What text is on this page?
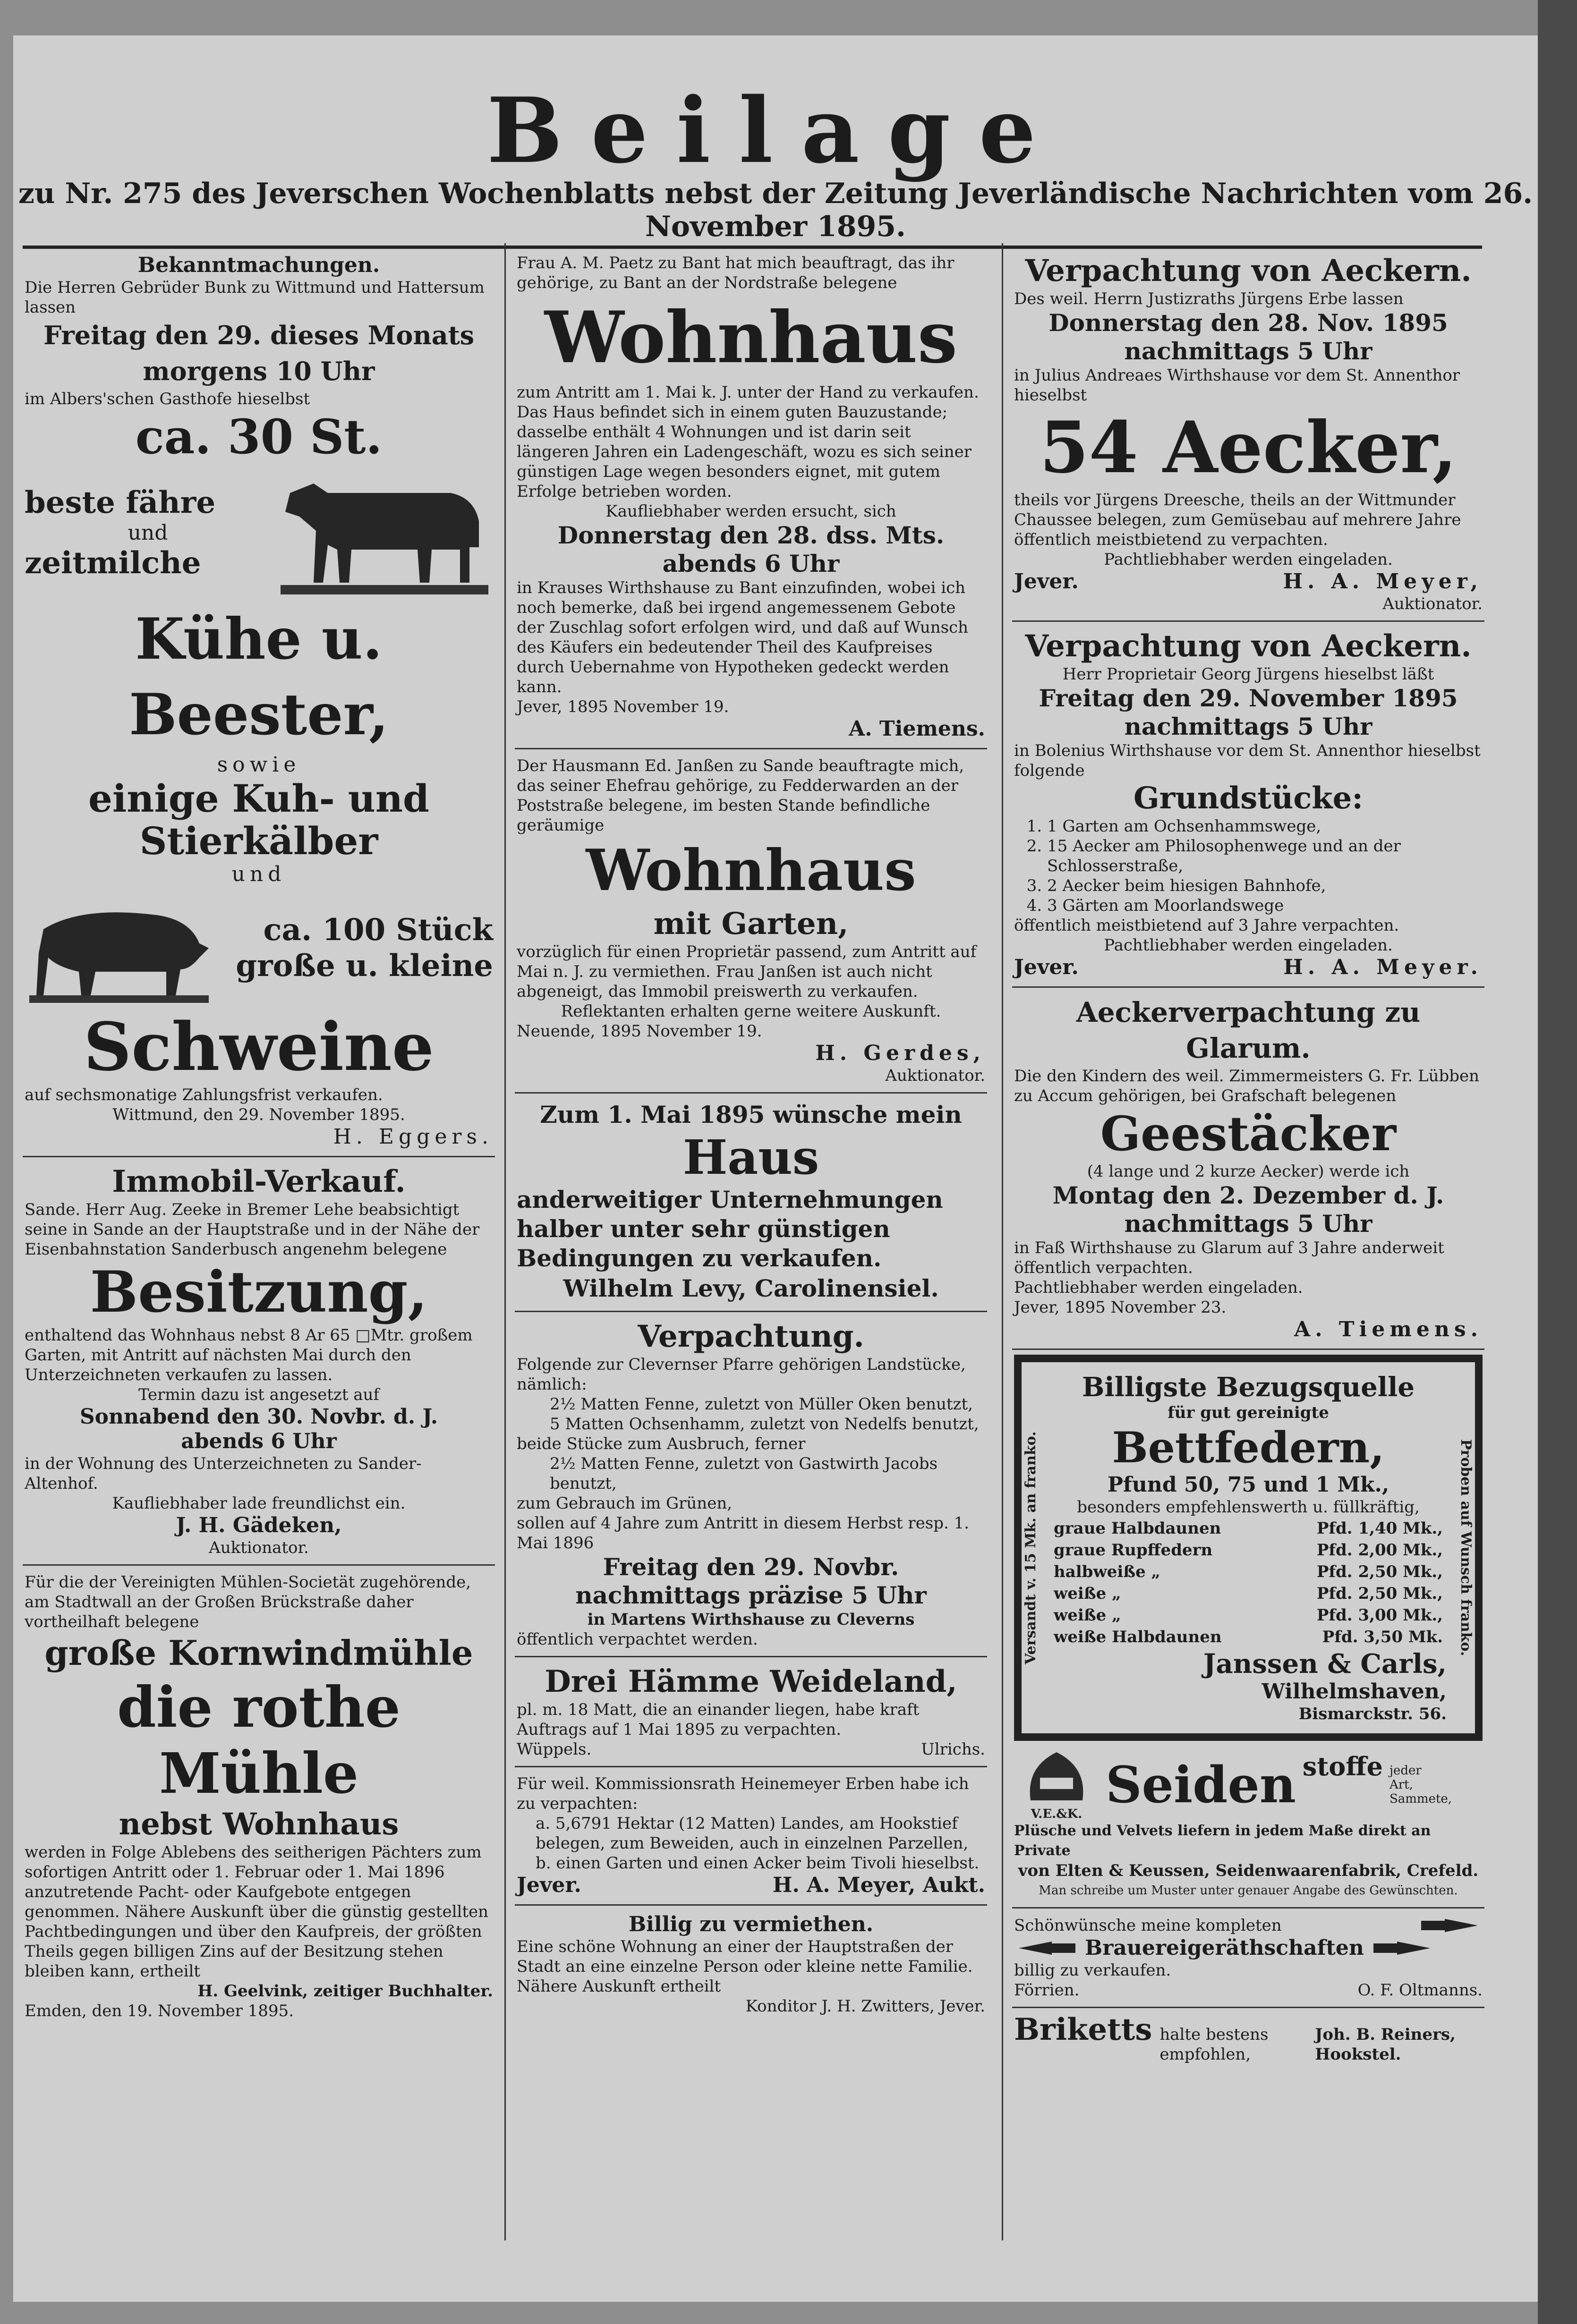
Beilage
zu Nr. 275 des Jeverschen Wochenblatts nebst der Zeitung Jeverländische Nachrichten vom 26. November 1895.
Bekanntmachungen.
Die Herren Gebrüder Bunk zu Wittmund und Hattersum lassen
Freitag den 29. dieses Monats
morgens 10 Uhr
im Albers'schen Gasthofe hieselbst
ca. 30 St.
beste fähre
und
zeitmilche
Kühe u. Beester,
sowie
einige Kuh- und
Stierkälber
und
ca. 100 Stück
große u. kleine
Schweine
auf sechsmonatige Zahlungsfrist verkaufen.
Wittmund, den 29. November 1895.
H. Eggers.
Immobil-Verkauf.
Sande. Herr Aug. Zeeke in Bremer Lehe beabsichtigt seine in Sande an der Hauptstraße und in der Nähe der Eisenbahnstation Sanderbusch angenehm belegene
Besitzung,
enthaltend das Wohnhaus nebst 8 Ar 65 □Mtr. großem Garten, mit Antritt auf nächsten Mai durch den Unterzeichneten verkaufen zu lassen.
Termin dazu ist angesetzt auf
Sonnabend den 30. Novbr. d. J.
abends 6 Uhr
in der Wohnung des Unterzeichneten zu Sander-Altenhof.
Kaufliebhaber lade freundlichst ein.
J. H. Gädeken,
Auktionator.
Für die der Vereinigten Mühlen-Societät zugehörende, am Stadtwall an der Großen Brückstraße daher vortheilhaft belegene
große Kornwindmühle
die rothe Mühle
nebst Wohnhaus
werden in Folge Ablebens des seitherigen Pächters zum sofortigen Antritt oder 1. Februar oder 1. Mai 1896 anzutretende Pacht- oder Kaufgebote entgegen genommen. Nähere Auskunft über die günstig gestellten Pachtbedingungen und über den Kaufpreis, der größten Theils gegen billigen Zins auf der Besitzung stehen bleiben kann, ertheilt
H. Geelvink, zeitiger Buchhalter.
Emden, den 19. November 1895.
Frau A. M. Paetz zu Bant hat mich beauftragt, das ihr gehörige, zu Bant an der Nordstraße belegene
Wohnhaus
zum Antritt am 1. Mai k. J. unter der Hand zu verkaufen.
Das Haus befindet sich in einem guten Bauzustande; dasselbe enthält 4 Wohnungen und ist darin seit längeren Jahren ein Ladengeschäft, wozu es sich seiner günstigen Lage wegen besonders eignet, mit gutem Erfolge betrieben worden.
Kaufliebhaber werden ersucht, sich
Donnerstag den 28. dss. Mts.
abends 6 Uhr
in Krauses Wirthshause zu Bant einzufinden, wobei ich noch bemerke, daß bei irgend angemessenem Gebote der Zuschlag sofort erfolgen wird, und daß auf Wunsch des Käufers ein bedeutender Theil des Kaufpreises durch Uebernahme von Hypotheken gedeckt werden kann.
Jever, 1895 November 19.
A. Tiemens.
Der Hausmann Ed. Janßen zu Sande beauftragte mich, das seiner Ehefrau gehörige, zu Fedderwarden an der Poststraße belegene, im besten Stande befindliche geräumige
Wohnhaus
mit Garten,
vorzüglich für einen Proprietär passend, zum Antritt auf Mai n. J. zu vermiethen. Frau Janßen ist auch nicht abgeneigt, das Immobil preiswerth zu verkaufen.
Reflektanten erhalten gerne weitere Auskunft.
Neuende, 1895 November 19.
H. Gerdes,
Auktionator.
Zum 1. Mai 1895 wünsche mein
Haus
anderweitiger Unternehmungen halber unter sehr günstigen Bedingungen zu verkaufen.
Wilhelm Levy, Carolinensiel.
Verpachtung.
Folgende zur Clevernser Pfarre gehörigen Landstücke, nämlich:
2½ Matten Fenne, zuletzt von Müller Oken benutzt,
5 Matten Ochsenhamm, zuletzt von Nedelfs benutzt,
beide Stücke zum Ausbruch, ferner
2½ Matten Fenne, zuletzt von Gastwirth Jacobs benutzt,
zum Gebrauch im Grünen,
sollen auf 4 Jahre zum Antritt in diesem Herbst resp. 1. Mai 1896
Freitag den 29. Novbr.
nachmittags präzise 5 Uhr
in Martens Wirthshause zu Cleverns
öffentlich verpachtet werden.
Drei Hämme Weideland,
pl. m. 18 Matt, die an einander liegen, habe kraft Auftrags auf 1 Mai 1895 zu verpachten.
Wüppels.	Ulrichs.
Für weil. Kommissionsrath Heinemeyer Erben habe ich zu verpachten:
a. 5,6791 Hektar (12 Matten) Landes, am Hookstief belegen, zum Beweiden, auch in einzelnen Parzellen,
b. einen Garten und einen Acker beim Tivoli hieselbst.
Jever.	H. A. Meyer, Aukt.
Billig zu vermiethen.
Eine schöne Wohnung an einer der Hauptstraßen der Stadt an eine einzelne Person oder kleine nette Familie. Nähere Auskunft ertheilt
Konditor J. H. Zwitters, Jever.
Verpachtung von Aeckern.
Des weil. Herrn Justizraths Jürgens Erbe lassen
Donnerstag den 28. Nov. 1895
nachmittags 5 Uhr
in Julius Andreaes Wirthshause vor dem St. Annenthor hieselbst
54 Aecker,
theils vor Jürgens Dreesche, theils an der Wittmunder Chaussee belegen, zum Gemüsebau auf mehrere Jahre öffentlich meistbietend zu verpachten.
Pachtliebhaber werden eingeladen.
Jever.	H. A. Meyer,
Auktionator.
Verpachtung von Aeckern.
Herr Proprietair Georg Jürgens hieselbst läßt
Freitag den 29. November 1895
nachmittags 5 Uhr
in Bolenius Wirthshause vor dem St. Annenthor hieselbst folgende
Grundstücke:
1. 1 Garten am Ochsenhammswege,
2. 15 Aecker am Philosophenwege und an der Schlosserstraße,
3. 2 Aecker beim hiesigen Bahnhofe,
4. 3 Gärten am Moorlandswege
öffentlich meistbietend auf 3 Jahre verpachten.
Pachtliebhaber werden eingeladen.
Jever.	H. A. Meyer.
Aeckerverpachtung zu Glarum.
Die den Kindern des weil. Zimmermeisters G. Fr. Lübben zu Accum gehörigen, bei Grafschaft belegenen
Geestäcker
(4 lange und 2 kurze Aecker) werde ich
Montag den 2. Dezember d. J.
nachmittags 5 Uhr
in Faß Wirthshause zu Glarum auf 3 Jahre anderweit öffentlich verpachten.
Pachtliebhaber werden eingeladen.
Jever, 1895 November 23.
A. Tiemens.
Versandt v. 15 Mk. an franko.	Proben auf Wunsch franko.
Billigste Bezugsquelle
für gut gereinigte
Bettfedern,
Pfund 50, 75 und 1 Mk.,
besonders empfehlenswerth u. füllkräftig,
graue Halbdaunen	Pfd. 1,40 Mk.,
graue Rupffedern	Pfd. 2,00 Mk.,
halbweiße „	Pfd. 2,50 Mk.,
weiße „	Pfd. 2,50 Mk.,
weiße „	Pfd. 3,00 Mk.,
weiße Halbdaunen	Pfd. 3,50 Mk.
Janssen & Carls,
Wilhelmshaven,
Bismarckstr. 56.
V.E.&K. Seiden stoffe jeder Art, Sammete,
Plüsche und Velvets liefern in jedem Maße direkt an Private
von Elten & Keussen, Seidenwaarenfabrik, Crefeld.
Man schreibe um Muster unter genauer Angabe des Gewünschten.
Schönwünsche meine kompleten
Brauereigeräthschaften
billig zu verkaufen.
Förrien.	O. F. Oltmanns.
Briketts halte bestens empfohlen,
Joh. B. Reiners, Hookstel.
